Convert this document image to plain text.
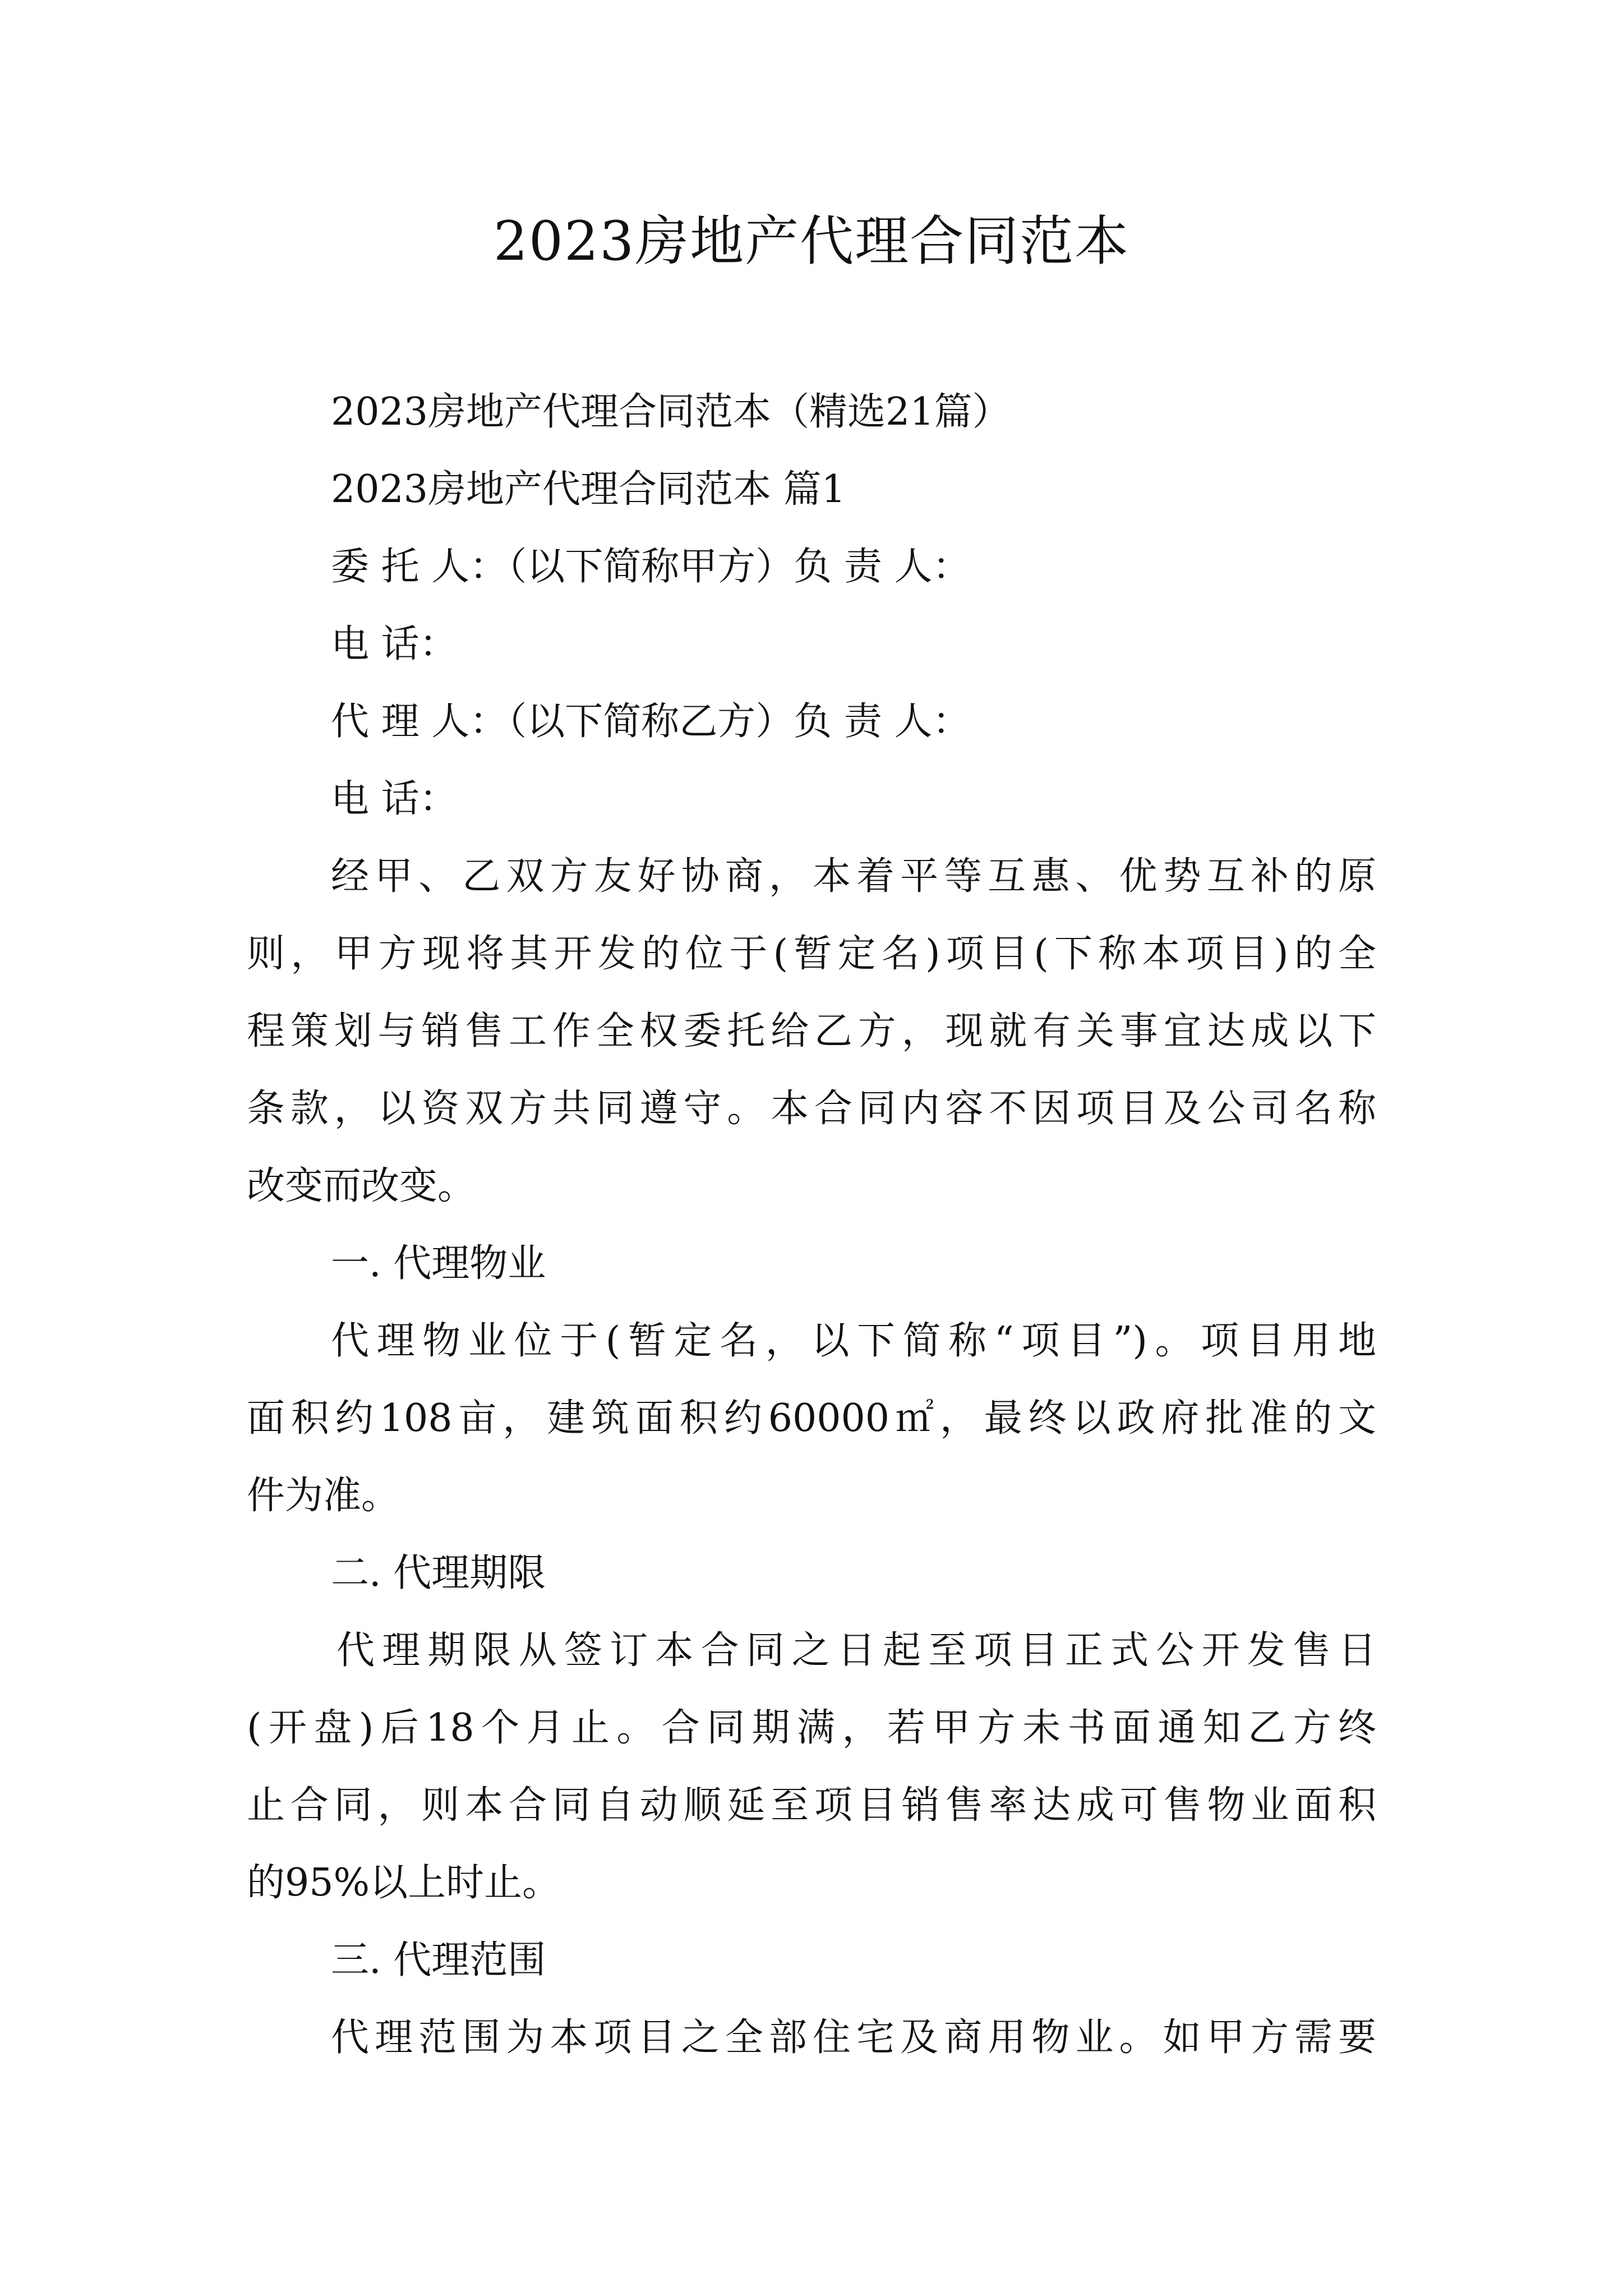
2023房地产代理合同范本
2023房地产代理合同范本（精选21篇）
2023房地产代理合同范本 篇1
委 托 人：（以下简称甲方）负 责 人：
电 话：
代 理 人：（以下简称乙方）负 责 人：
电 话：
经甲、乙双方友好协商，本着平等互惠、优势互补的原
则，甲方现将其开发的位于(暂定名)项目(下称本项目)的全
程策划与销售工作全权委托给乙方，现就有关事宜达成以下
条款，以资双方共同遵守。本合同内容不因项目及公司名称
改变而改变。
一. 代理物业
代理物业位于(暂定名，以下简称“项目”)。项目用地
面积约108亩，建筑面积约60000㎡，最终以政府批准的文
件为准。
二. 代理期限
代理期限从签订本合同之日起至项目正式公开发售日
(开盘)后18个月止。合同期满，若甲方未书面通知乙方终
止合同，则本合同自动顺延至项目销售率达成可售物业面积
的95%以上时止。
三. 代理范围
代理范围为本项目之全部住宅及商用物业。如甲方需要
